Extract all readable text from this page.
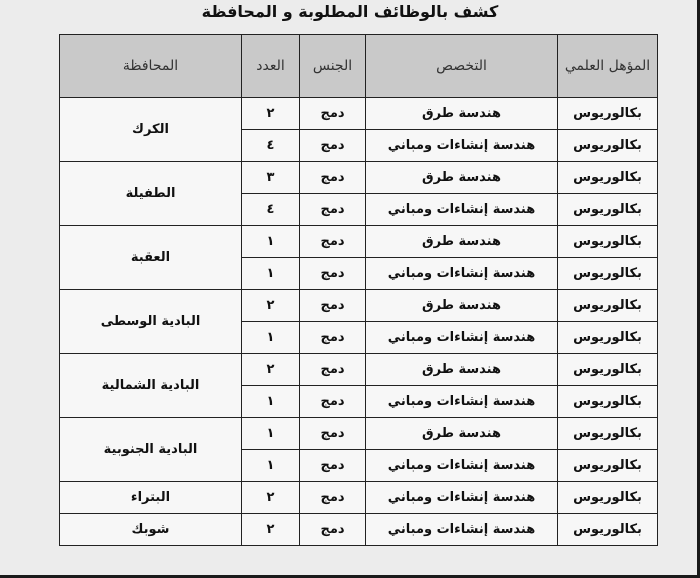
كشف بالوظائف المطلوبة و المحافظة
المؤهل العلمي	التخصص	الجنس	العدد	المحافظة
بكالوريوس	هندسة طرق	دمج	٢	الكرك
بكالوريوس	هندسة إنشاءات ومباني	دمج	٤	
بكالوريوس	هندسة طرق	دمج	٣	الطفيلة
بكالوريوس	هندسة إنشاءات ومباني	دمج	٤	
بكالوريوس	هندسة طرق	دمج	١	العقبة
بكالوريوس	هندسة إنشاءات ومباني	دمج	١	
بكالوريوس	هندسة طرق	دمج	٢	البادية الوسطى
بكالوريوس	هندسة إنشاءات ومباني	دمج	١	
بكالوريوس	هندسة طرق	دمج	٢	البادية الشمالية
بكالوريوس	هندسة إنشاءات ومباني	دمج	١	
بكالوريوس	هندسة طرق	دمج	١	البادية الجنوبية
بكالوريوس	هندسة إنشاءات ومباني	دمج	١	
بكالوريوس	هندسة إنشاءات ومباني	دمج	٢	البتراء
بكالوريوس	هندسة إنشاءات ومباني	دمج	٢	شوبك
